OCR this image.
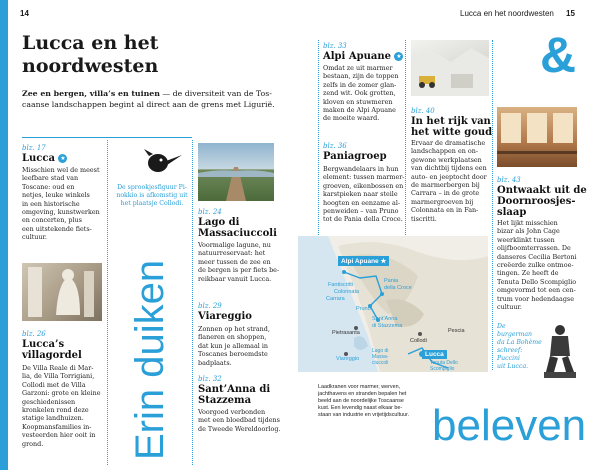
14	Lucca en het noordwesten 15
&
Lucca en het
noordwesten
Zee en bergen, villa’s en tuinen — de diversiteit van de Tos-
caanse landschappen begint al direct aan de grens met Ligurië.
Erin duiken
De sprookjesfiguur Pi-
nokkio is afkomstig uit
het plaatsje Collodi.
blz. 17
Lucca ★
Misschien wel de meest
leefbare stad van
Toscane: oud en
netjes, leuke winkels
in een historische
omgeving, kunstwerken
en concerten, plus
een uitstekende fiets-
cultuur.
blz. 26
Lucca’s
villagordel
De Villa Reale di Mar-
lia, de Villa Torrigiani,
Collodi met de Villa
Garzoni: grote en kleine
geschiedenissen
kronkelen rond deze
statige landhuizen.
Koopmansfamilies in-
vesteerden hier ooit in
grond.
blz. 24
Lago di
Massaciuccoli
Voormalige lagune, nu
natuurreservaat: het
meer tussen de zee en
de bergen is per fiets be-
reikbaar vanuit Lucca.
blz. 29
Viareggio
Zonnen op het strand,
flaneren en shoppen,
dat kun je allemaal in
Toscanes beroemdste
badplaats.
blz. 32
Sant’Anna di
Stazzema
Voorgoed verbonden
met een bloedbad tijdens
de Tweede Wereldoorlog.
blz. 33
Alpi Apuane ★
Omdat ze uit marmer
bestaan, zijn de toppen
zelfs in de zomer glan-
zend wit. Ook grotten,
kloven en stuwmeren
maken de Alpi Apuane
de moeite waard.
blz. 36
Paniagroep
Bergwandelaars in hun
element: tussen marmer-
groeven, eikenbossen en
karstpieken naar steile
hoogten en eenzame al-
penweiden – van Pruno
tot de Pania della Croce.
blz. 40
In het rijk van
het witte goud
Ervaar de dramatische
landschappen en on-
gewone werkplaatsen
van dichtbij tijdens een
auto- en jeeptocht door
de marmerbergen bij
Carrara – in de grote
marmergroeven bij
Colonnata en in Fan-
tiscritti.
blz. 43
Ontwaakt uit de
Doornroosjes-
slaap
Het lijkt misschien
bizar als John Cage
weerklinkt tussen
olijfboomterrassen. De
danseres Cecilia Bertoni
creëerde zulke ontmoe-
tingen. Ze heeft de
Tenuta Dello Scompiglio
omgevormd tot een cen-
trum voor hedendaagse
cultuur.
De burgerman
da La Bohème
schreef:
Puccini
uit Lucca.
Alpi Apuane ★
Fantiscritti
Colonnata
Carrara
Pania
della Croce
Pruno
Sant’Anna
di Stazzema
Pietrasanta
Collodi
Pescia
Viareggio
Lago di
Massa-
ciuccoli
Lucca
Tenuta Dello
Scompiglio
Laadkranen voor marmer, werven,
jachthavens en stranden bepalen het
beeld aan de noordelijke Toscaanse
kust. Een levendig naast elkaar be-
staan van industrie en vrijetijdscultuur. beleven
